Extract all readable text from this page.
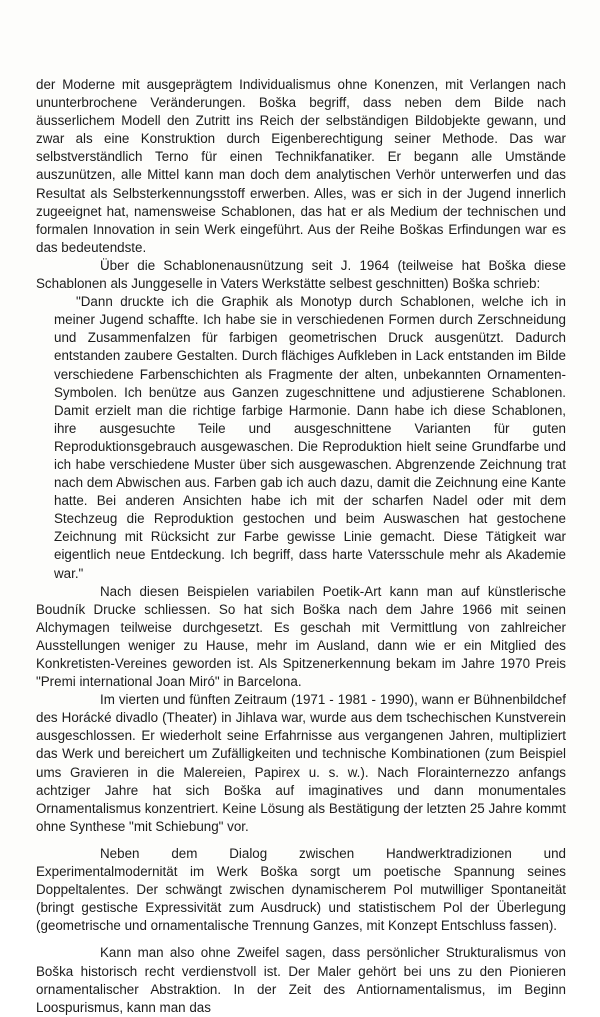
der Moderne mit ausgeprägtem Individualismus ohne Konenzen, mit Verlangen nach ununterbrochene Veränderungen. Boška begriff, dass neben dem Bilde nach äusserlichem Modell den Zutritt ins Reich der selbständigen Bildobjekte gewann, und zwar als eine Konstruktion durch Eigenberechtigung seiner Methode. Das war selbstverständlich Terno für einen Technikfanatiker. Er begann alle Umstände auszunützen, alle Mittel kann man doch dem analytischen Verhör unterwerfen und das Resultat als Selbsterkennungsstoff erwerben. Alles, was er sich in der Jugend innerlich zugeeignet hat, namensweise Schablonen, das hat er als Medium der technischen und formalen Innovation in sein Werk eingeführt. Aus der Reihe Boškas Erfindungen war es das bedeutendste.

Über die Schablonenausnützung seit J. 1964 (teilweise hat Boška diese Schablonen als Junggeselle in Vaters Werkstätte selbest geschnitten) Boška schrieb:

"Dann druckte ich die Graphik als Monotyp durch Schablonen, welche ich in meiner Jugend schaffte. Ich habe sie in verschiedenen Formen durch Zerschneidung und Zusammenfalzen für farbigen geometrischen Druck ausgenützt. Dadurch entstanden zaubere Gestalten. Durch flächiges Aufkleben in Lack entstanden im Bilde verschiedene Farbenschichten als Fragmente der alten, unbekannten Ornamenten-Symbolen. Ich benütze aus Ganzen zugeschnittene und adjustierene Schablonen. Damit erzielt man die richtige farbige Harmonie. Dann habe ich diese Schablonen, ihre ausgesuchte Teile und ausgeschnittene Varianten für guten Reproduktionsgebrauch ausgewaschen. Die Reproduktion hielt seine Grundfarbe und ich habe verschiedene Muster über sich ausgewaschen. Abgrenzende Zeichnung trat nach dem Abwischen aus. Farben gab ich auch dazu, damit die Zeichnung eine Kante hatte. Bei anderen Ansichten habe ich mit der scharfen Nadel oder mit dem Stechzeug die Reproduktion gestochen und beim Auswaschen hat gestochene Zeichnung mit Rücksicht zur Farbe gewisse Linie gemacht. Diese Tätigkeit war eigentlich neue Entdeckung. Ich begriff, dass harte Vatersschule mehr als Akademie war."

Nach diesen Beispielen variabilen Poetik-Art kann man auf künstlerische Boudník Drucke schliessen. So hat sich Boška nach dem Jahre 1966 mit seinen Alchymagen teilweise durchgesetzt. Es geschah mit Vermittlung von zahlreicher Ausstellungen weniger zu Hause, mehr im Ausland, dann wie er ein Mitglied des Konkretisten-Vereines geworden ist. Als Spitzenerkennung bekam im Jahre 1970 Preis "Premi international Joan Miró" in Barcelona.

Im vierten und fünften Zeitraum (1971 - 1981 - 1990), wann er Bühnenbildchef des Horácké divadlo (Theater) in Jihlava war, wurde aus dem tschechischen Kunstverein ausgeschlossen. Er wiederholt seine Erfahrnisse aus vergangenen Jahren, multipliziert das Werk und bereichert um Zufälligkeiten und technische Kombinationen (zum Beispiel ums Gravieren in die Malereien, Papirex u. s. w.). Nach Florainternezzo anfangs achtziger Jahre hat sich Boška auf imaginatives und dann monumentales Ornamentalismus konzentriert. Keine Lösung als Bestätigung der letzten 25 Jahre kommt ohne Synthese "mit Schiebung" vor.

Neben dem Dialog zwischen Handwerktradizionen und Experimentalmodernität im Werk Boška sorgt um poetische Spannung seines Doppeltalentes. Der schwängt zwischen dynamischerem Pol mutwilliger Spontaneität (bringt gestische Expressivität zum Ausdruck) und statistischem Pol der Überlegung (geometrische und ornamentalische Trennung Ganzes, mit Konzept Entschluss fassen).

Kann man also ohne Zweifel sagen, dass persönlicher Strukturalismus von Boška historisch recht verdienstvoll ist. Der Maler gehört bei uns zu den Pionieren ornamentalischer Abstraktion. In der Zeit des Antiornamentalismus, im Beginn Loospurismus, kann man das
